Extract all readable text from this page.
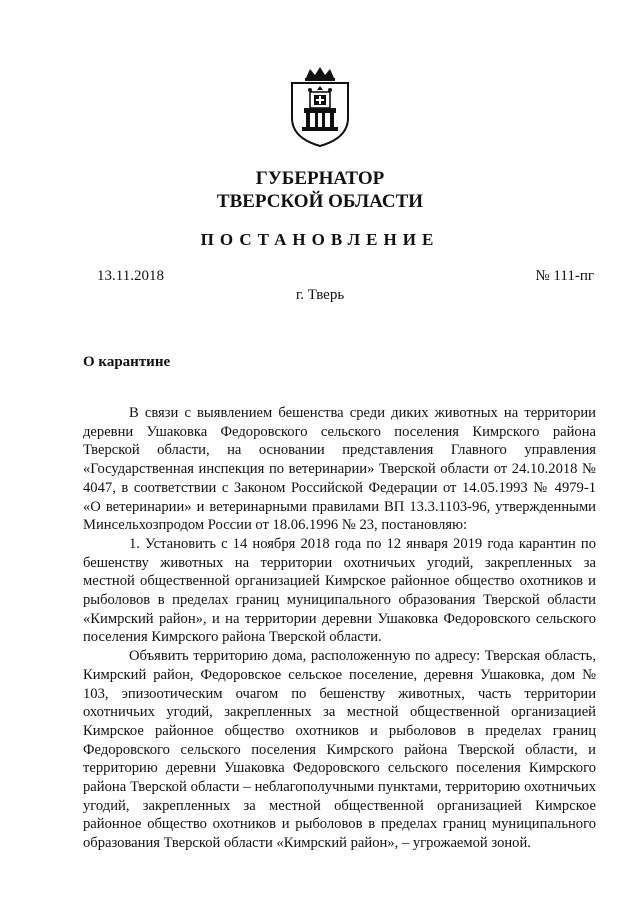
ГУБЕРНАТОР
ТВЕРСКОЙ ОБЛАСТИ
ПОСТАНОВЛЕНИЕ
13.11.2018	№ 111-пг
г. Тверь
О карантине

В связи с выявлением бешенства среди диких животных на территории деревни Ушаковка Федоровского сельского поселения Кимрского района Тверской области, на основании представления Главного управления «Государственная инспекция по ветеринарии» Тверской области от 24.10.2018 № 4047, в соответствии с Законом Российской Федерации от 14.05.1993 № 4979-1 «О ветеринарии» и ветеринарными правилами ВП 13.3.1103-96, утвержденными Минсельхозпродом России от 18.06.1996 № 23, постановляю:

1. Установить с 14 ноября 2018 года по 12 января 2019 года карантин по бешенству животных на территории охотничьих угодий, закрепленных за местной общественной организацией Кимрское районное общество охотников и рыболовов в пределах границ муниципального образования Тверской области «Кимрский район», и на территории деревни Ушаковка Федоровского сельского поселения Кимрского района Тверской области.

Объявить территорию дома, расположенную по адресу: Тверская область, Кимрский район, Федоровское сельское поселение, деревня Ушаковка, дом № 103, эпизоотическим очагом по бешенству животных, часть территории охотничьих угодий, закрепленных за местной общественной организацией Кимрское районное общество охотников и рыболовов в пределах границ Федоровского сельского поселения Кимрского района Тверской области, и территорию деревни Ушаковка Федоровского сельского поселения Кимрского района Тверской области – неблагополучными пунктами, территорию охотничьих угодий, закрепленных за местной общественной организацией Кимрское районное общество охотников и рыболовов в пределах границ муниципального образования Тверской области «Кимрский район», – угрожаемой зоной.
